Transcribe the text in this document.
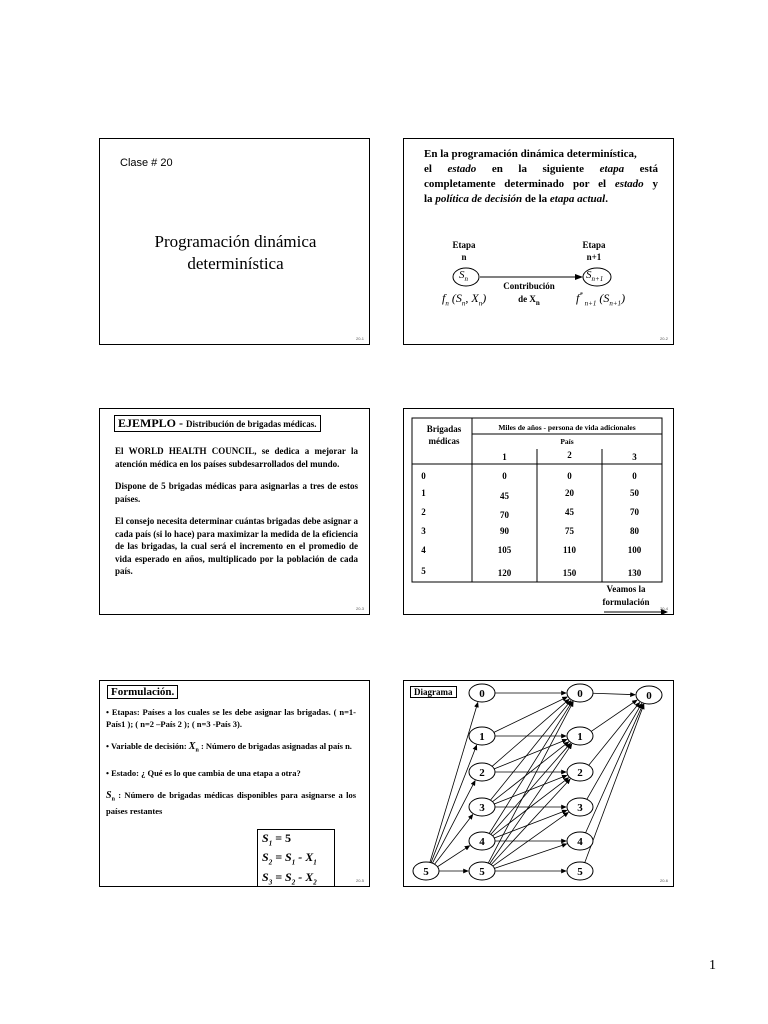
Clase # 20
Programación dinámica
determinística
20-1
En la programación dinámica determinística,
el estado en la siguiente etapa está
completamente determinado por el estado y
la política de decisión de la etapa actual.
Etapa
n
Etapa
n+1
$S_n$	$S_{n+1}$
Contribución
de $X_n$
$f_n$ ($S_n$, $X_n$)	f* $_{n+1}$ $(S_{n+1})$
20-2
EJEMPLO - Distribución de brigadas médicas.
El WORLD HEALTH COUNCIL, se dedica a mejorar la atención médica en los países subdesarrollados del mundo.
Dispone de 5 brigadas médicas para asignarlas a tres de estos países.
El consejo necesita determinar cuántas brigadas debe asignar a cada país (si lo hace) para maximizar la medida de la eficiencia de las brigadas, la cual será el incremento en el promedio de vida esperado en años, multiplicado por la población de cada país.
20-3
Brigadas
médicas
Miles de años - persona de vida adicionales
País
1	2	3
0	0	0	0
1	45	20	50
2	70	45	70
3	90	75	80
4	105	110	100
5	120	150	130
Veamos la
formulación
20-4
Formulación.
• Etapas: Países a los cuales se les debe asignar las brigadas. ( n=1- País1 ); ( n=2 –País 2 ); ( n=3 -País 3).
• Variable de decisión: $X_n$ : Número de brigadas asignadas al país n.
• Estado: ¿ Qué es lo que cambia de una etapa a otra?
$S_n$ : Número de brigadas médicas disponibles para asignarse a los países restantes
$S_1 = 5$
$S_2 = S_1 - X_1$
$S_3 = S_2 - X_2$	20-5
Diagrama
5
0
1
2
3
4
5
0
1
2
3
4
5
0
20-6
1
